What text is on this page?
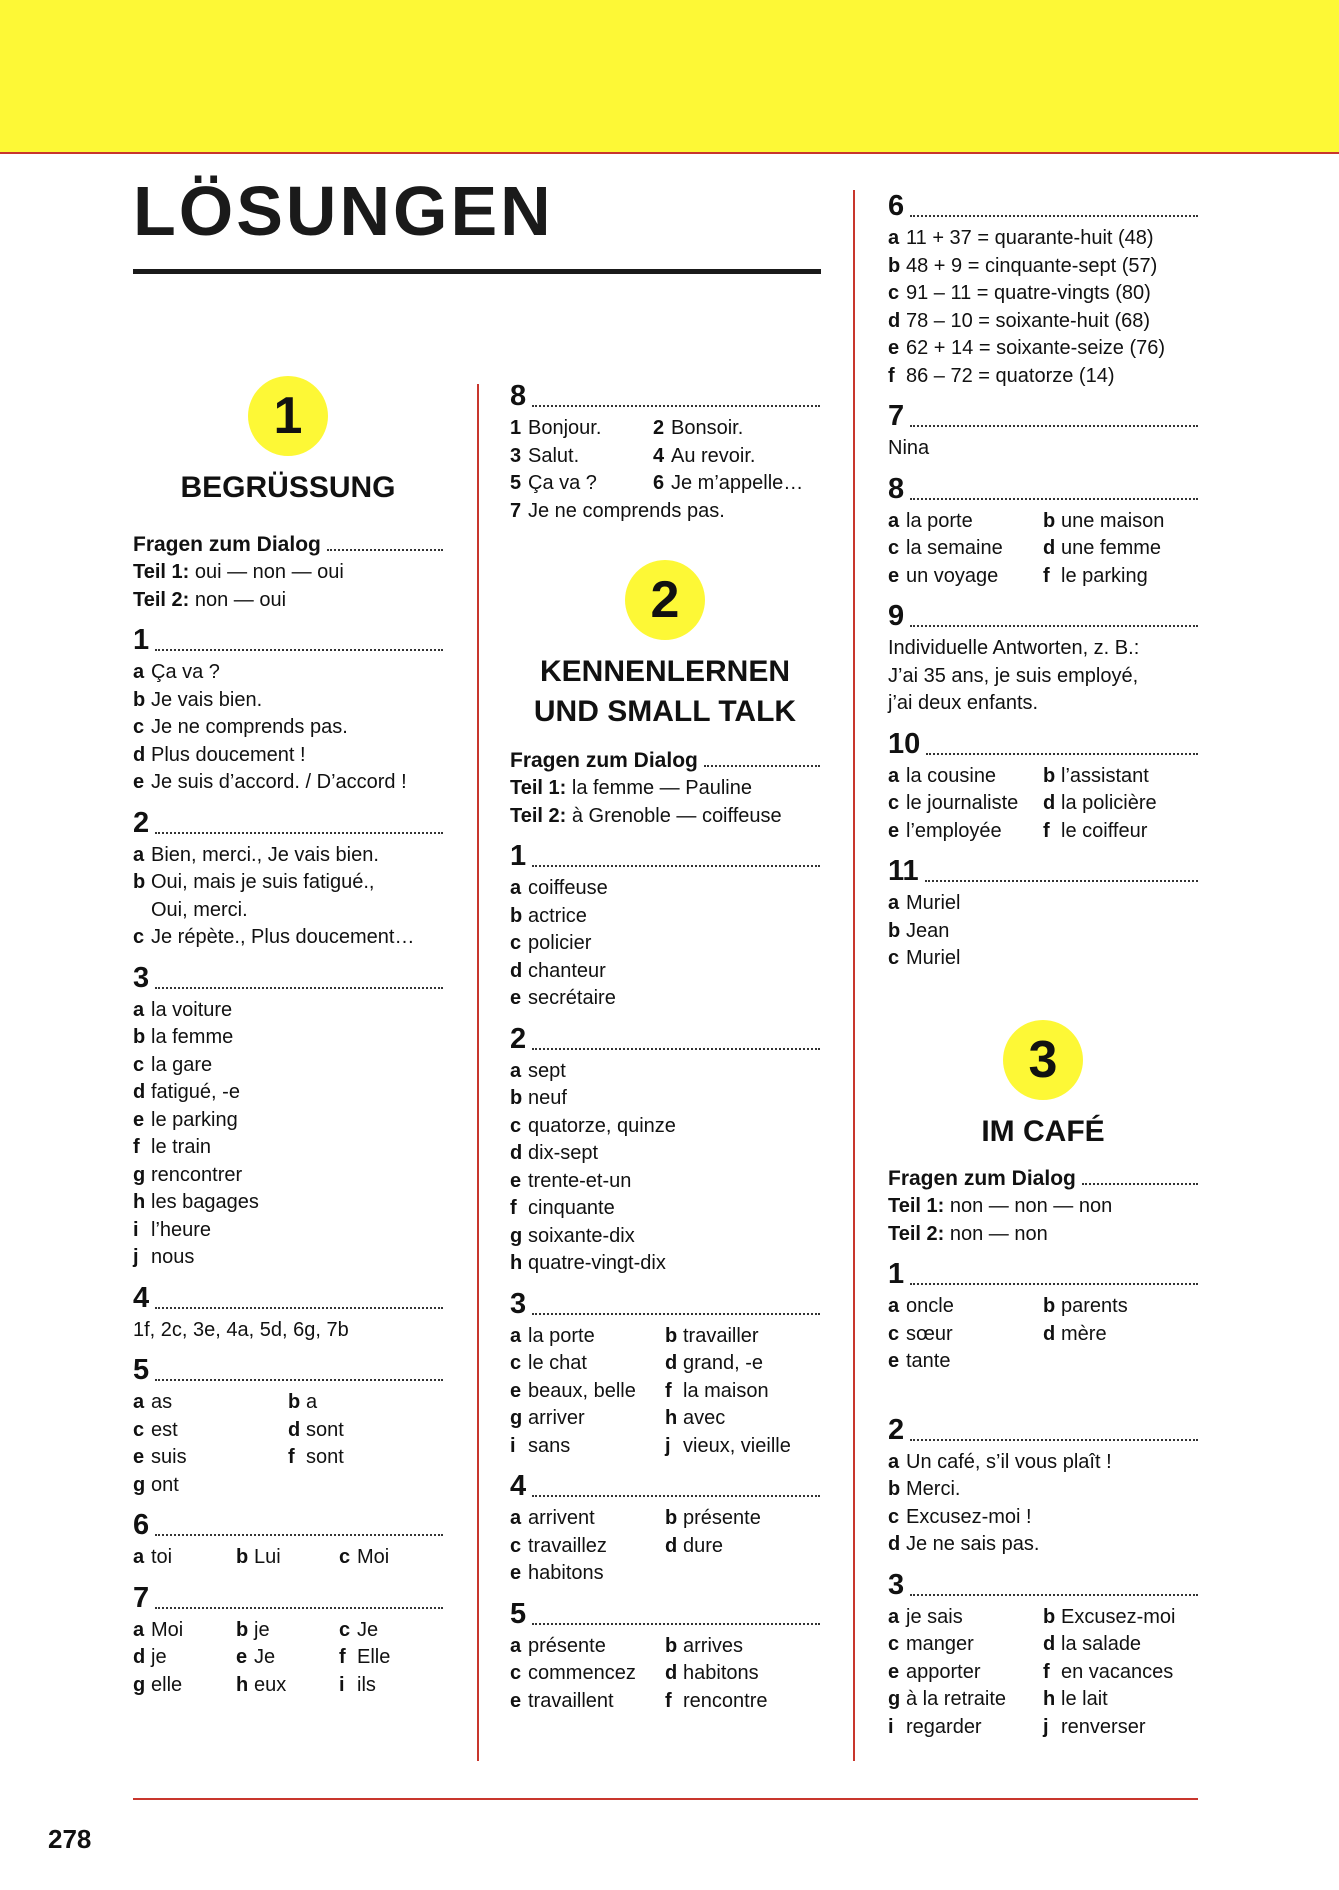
LÖSUNGEN
1
BEGRÜSSUNG
Fragen zum Dialog
Teil 1: oui — non — oui
Teil 2: non — oui
1
a Ça va ?
b Je vais bien.
c Je ne comprends pas.
d Plus doucement !
e Je suis d’accord. / D’accord !
2
a Bien, merci., Je vais bien.
b Oui, mais je suis fatigué.,
Oui, merci.
c Je répète., Plus doucement…
3
a la voiture
b la femme
c la gare
d fatigué, -e
e le parking
f le train
g rencontrer
h les bagages
i l’heure
j nous
4
1f, 2c, 3e, 4a, 5d, 6g, 7b
5
a as	b a
c est	d sont
e suis	f sont
g ont
6
a toi	b Lui	c Moi
7
a Moi	b je	c Je
d je	e Je	f Elle
g elle	h eux	i ils
8
1 Bonjour.	2 Bonsoir.
3 Salut.	4 Au revoir.
5 Ça va ?	6 Je m’appelle…
7 Je ne comprends pas.
2
KENNENLERNEN
UND SMALL TALK
Fragen zum Dialog
Teil 1: la femme — Pauline
Teil 2: à Grenoble — coiffeuse
1
a coiffeuse
b actrice
c policier
d chanteur
e secrétaire
2
a sept
b neuf
c quatorze, quinze
d dix-sept
e trente-et-un
f cinquante
g soixante-dix
h quatre-vingt-dix
3
a la porte	b travailler
c le chat	d grand, -e
e beaux, belle	f la maison
g arriver	h avec
i sans	j vieux, vieille
4
a arrivent	b présente
c travaillez	d dure
e habitons
5
a présente	b arrives
c commencez	d habitons
e travaillent	f rencontre
6
a 11 + 37 = quarante-huit (48)
b 48 + 9 = cinquante-sept (57)
c 91 – 11 = quatre-vingts (80)
d 78 – 10 = soixante-huit (68)
e 62 + 14 = soixante-seize (76)
f 86 – 72 = quatorze (14)
7
Nina
8
a la porte	b une maison
c la semaine	d une femme
e un voyage	f le parking
9
Individuelle Antworten, z. B.:
J’ai 35 ans, je suis employé,
j’ai deux enfants.
10
a la cousine	b l’assistant
c le journaliste	d la policière
e l’employée	f le coiffeur
11
a Muriel
b Jean
c Muriel
3
IM CAFÉ
Fragen zum Dialog
Teil 1: non — non — non
Teil 2: non — non
1
a oncle	b parents
c sœur	d mère
e tante
2
a Un café, s’il vous plaît !
b Merci.
c Excusez-moi !
d Je ne sais pas.
3
a je sais	b Excusez-moi
c manger	d la salade
e apporter	f en vacances
g à la retraite	h le lait
i regarder	j renverser
278
